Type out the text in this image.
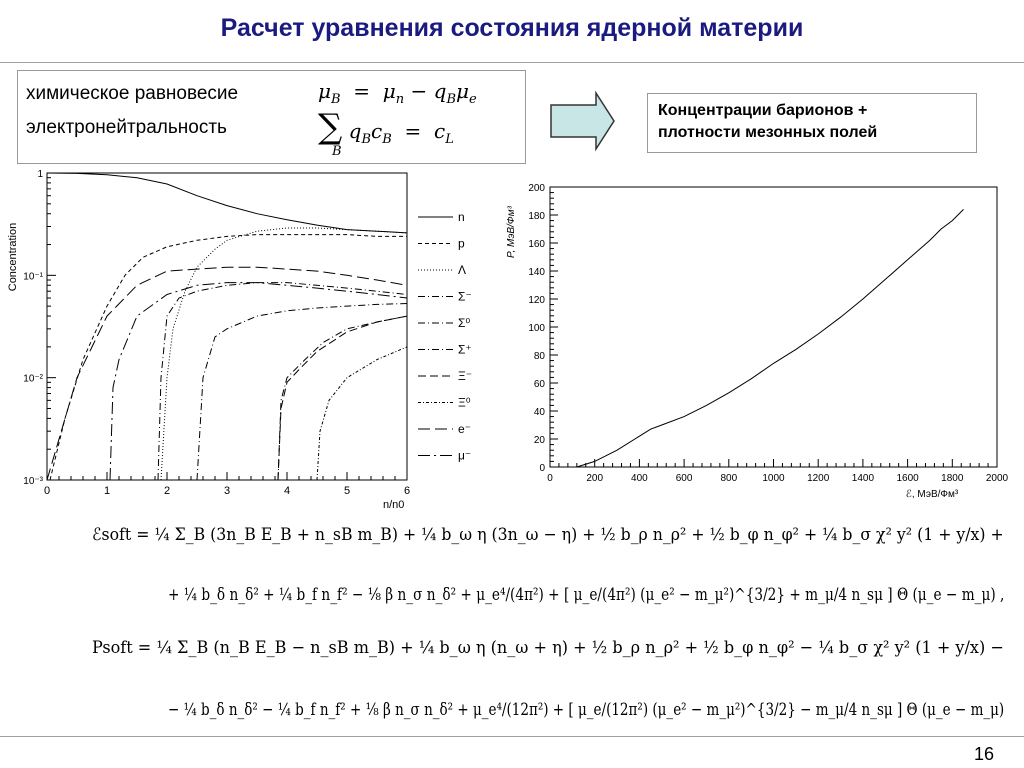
Расчет уравнения состояния ядерной материи
химическое равновесие
электронейтральность
$\mu_B = \mu_n - q_B\mu_e$
∑ $q_Bc_B = c_L$
B
Концентрации барионов +
плотности мезонных полей
0	1	2	3	4	5	6
1
10⁻¹
10⁻²
10⁻³
n
p
Λ
Σ⁻
Σ⁰
Σ⁺
Ξ⁻
Ξ⁰
e⁻
μ⁻
Concentration
n/n0
0	200	400	600	800	1000 1200 1400 1600 1800 2000
0
20
40
60
80
100
120
140
160
180
200
P, МэВ/Фм³
ℰ, МэВ/Фм³
ℰsoft = ¼ Σ_B (3n_B E_B + n_sB m_B) + ¼ b_ω η (3n_ω − η) + ½ b_ρ n_ρ² + ½ b_φ n_φ² + ¼ b_σ χ² y² (1 + y/x) +
+ ¼ b_δ n_δ² + ¼ b_f n_f² − ⅛ β n_σ n_δ² + μ_e⁴/(4π²) + [ μ_e/(4π²) (μ_e² − m_μ²)^{3/2} + m_μ/4 n_sμ ] Θ (μ_e − m_μ) ,
Psoft = ¼ Σ_B (n_B E_B − n_sB m_B) + ¼ b_ω η (n_ω + η) + ½ b_ρ n_ρ² + ½ b_φ n_φ² − ¼ b_σ χ² y² (1 + y/x) −
− ¼ b_δ n_δ² − ¼ b_f n_f² + ⅛ β n_σ n_δ² + μ_e⁴/(12π²) + [ μ_e/(12π²) (μ_e² − m_μ²)^{3/2} − m_μ/4 n_sμ ] Θ (μ_e − m_μ)
16
